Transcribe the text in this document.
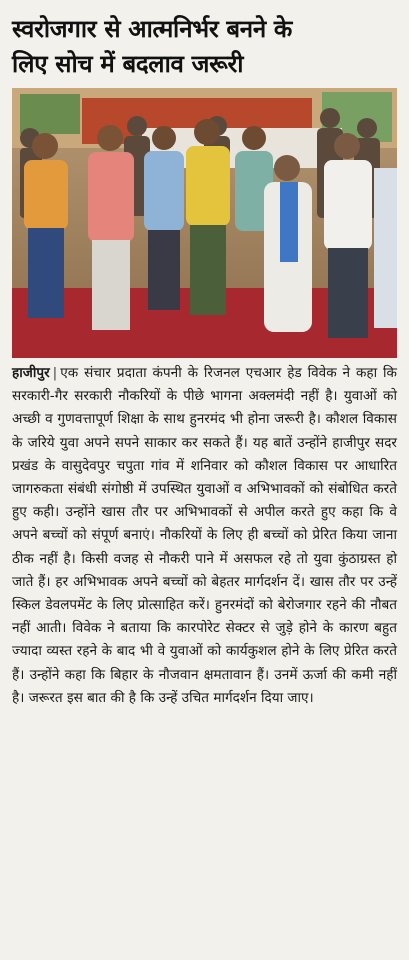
स्वरोजगार से आत्मनिर्भर बनने के
लिए सोच में बदलाव जरूरी
हाजीपुर | एक संचार प्रदाता कंपनी के रिजनल एचआर हेड विवेक ने कहा कि सरकारी-गैर सरकारी नौकरियों के पीछे भागना अक्लमंदी नहीं है। युवाओं को अच्छी व गुणवत्तापूर्ण शिक्षा के साथ हुनरमंद भी होना जरूरी है। कौशल विकास के जरिये युवा अपने सपने साकार कर सकते हैं। यह बातें उन्होंने हाजीपुर सदर प्रखंड के वासुदेवपुर चपुता गांव में शनिवार को कौशल विकास पर आधारित जागरुकता संबंधी संगोष्ठी में उपस्थित युवाओं व अभिभावकों को संबोधित करते हुए कही। उन्होंने खास तौर पर अभिभावकों से अपील करते हुए कहा कि वे अपने बच्चों को संपूर्ण बनाएं। नौकरियों के लिए ही बच्चों को प्रेरित किया जाना ठीक नहीं है। किसी वजह से नौकरी पाने में असफल रहे तो युवा कुंठाग्रस्त हो जाते हैं। हर अभिभावक अपने बच्चों को बेहतर मार्गदर्शन दें। खास तौर पर उन्हें स्किल डेवलपमेंट के लिए प्रोत्साहित करें। हुनरमंदों को बेरोजगार रहने की नौबत नहीं आती। विवेक ने बताया कि कारपोरेट सेक्टर से जुड़े होने के कारण बहुत ज्यादा व्यस्त रहने के बाद भी वे युवाओं को कार्यकुशल होने के लिए प्रेरित करते हैं। उन्होंने कहा कि बिहार के नौजवान क्षमतावान हैं। उनमें ऊर्जा की कमी नहीं है। जरूरत इस बात की है कि उन्हें उचित मार्गदर्शन दिया जाए।
